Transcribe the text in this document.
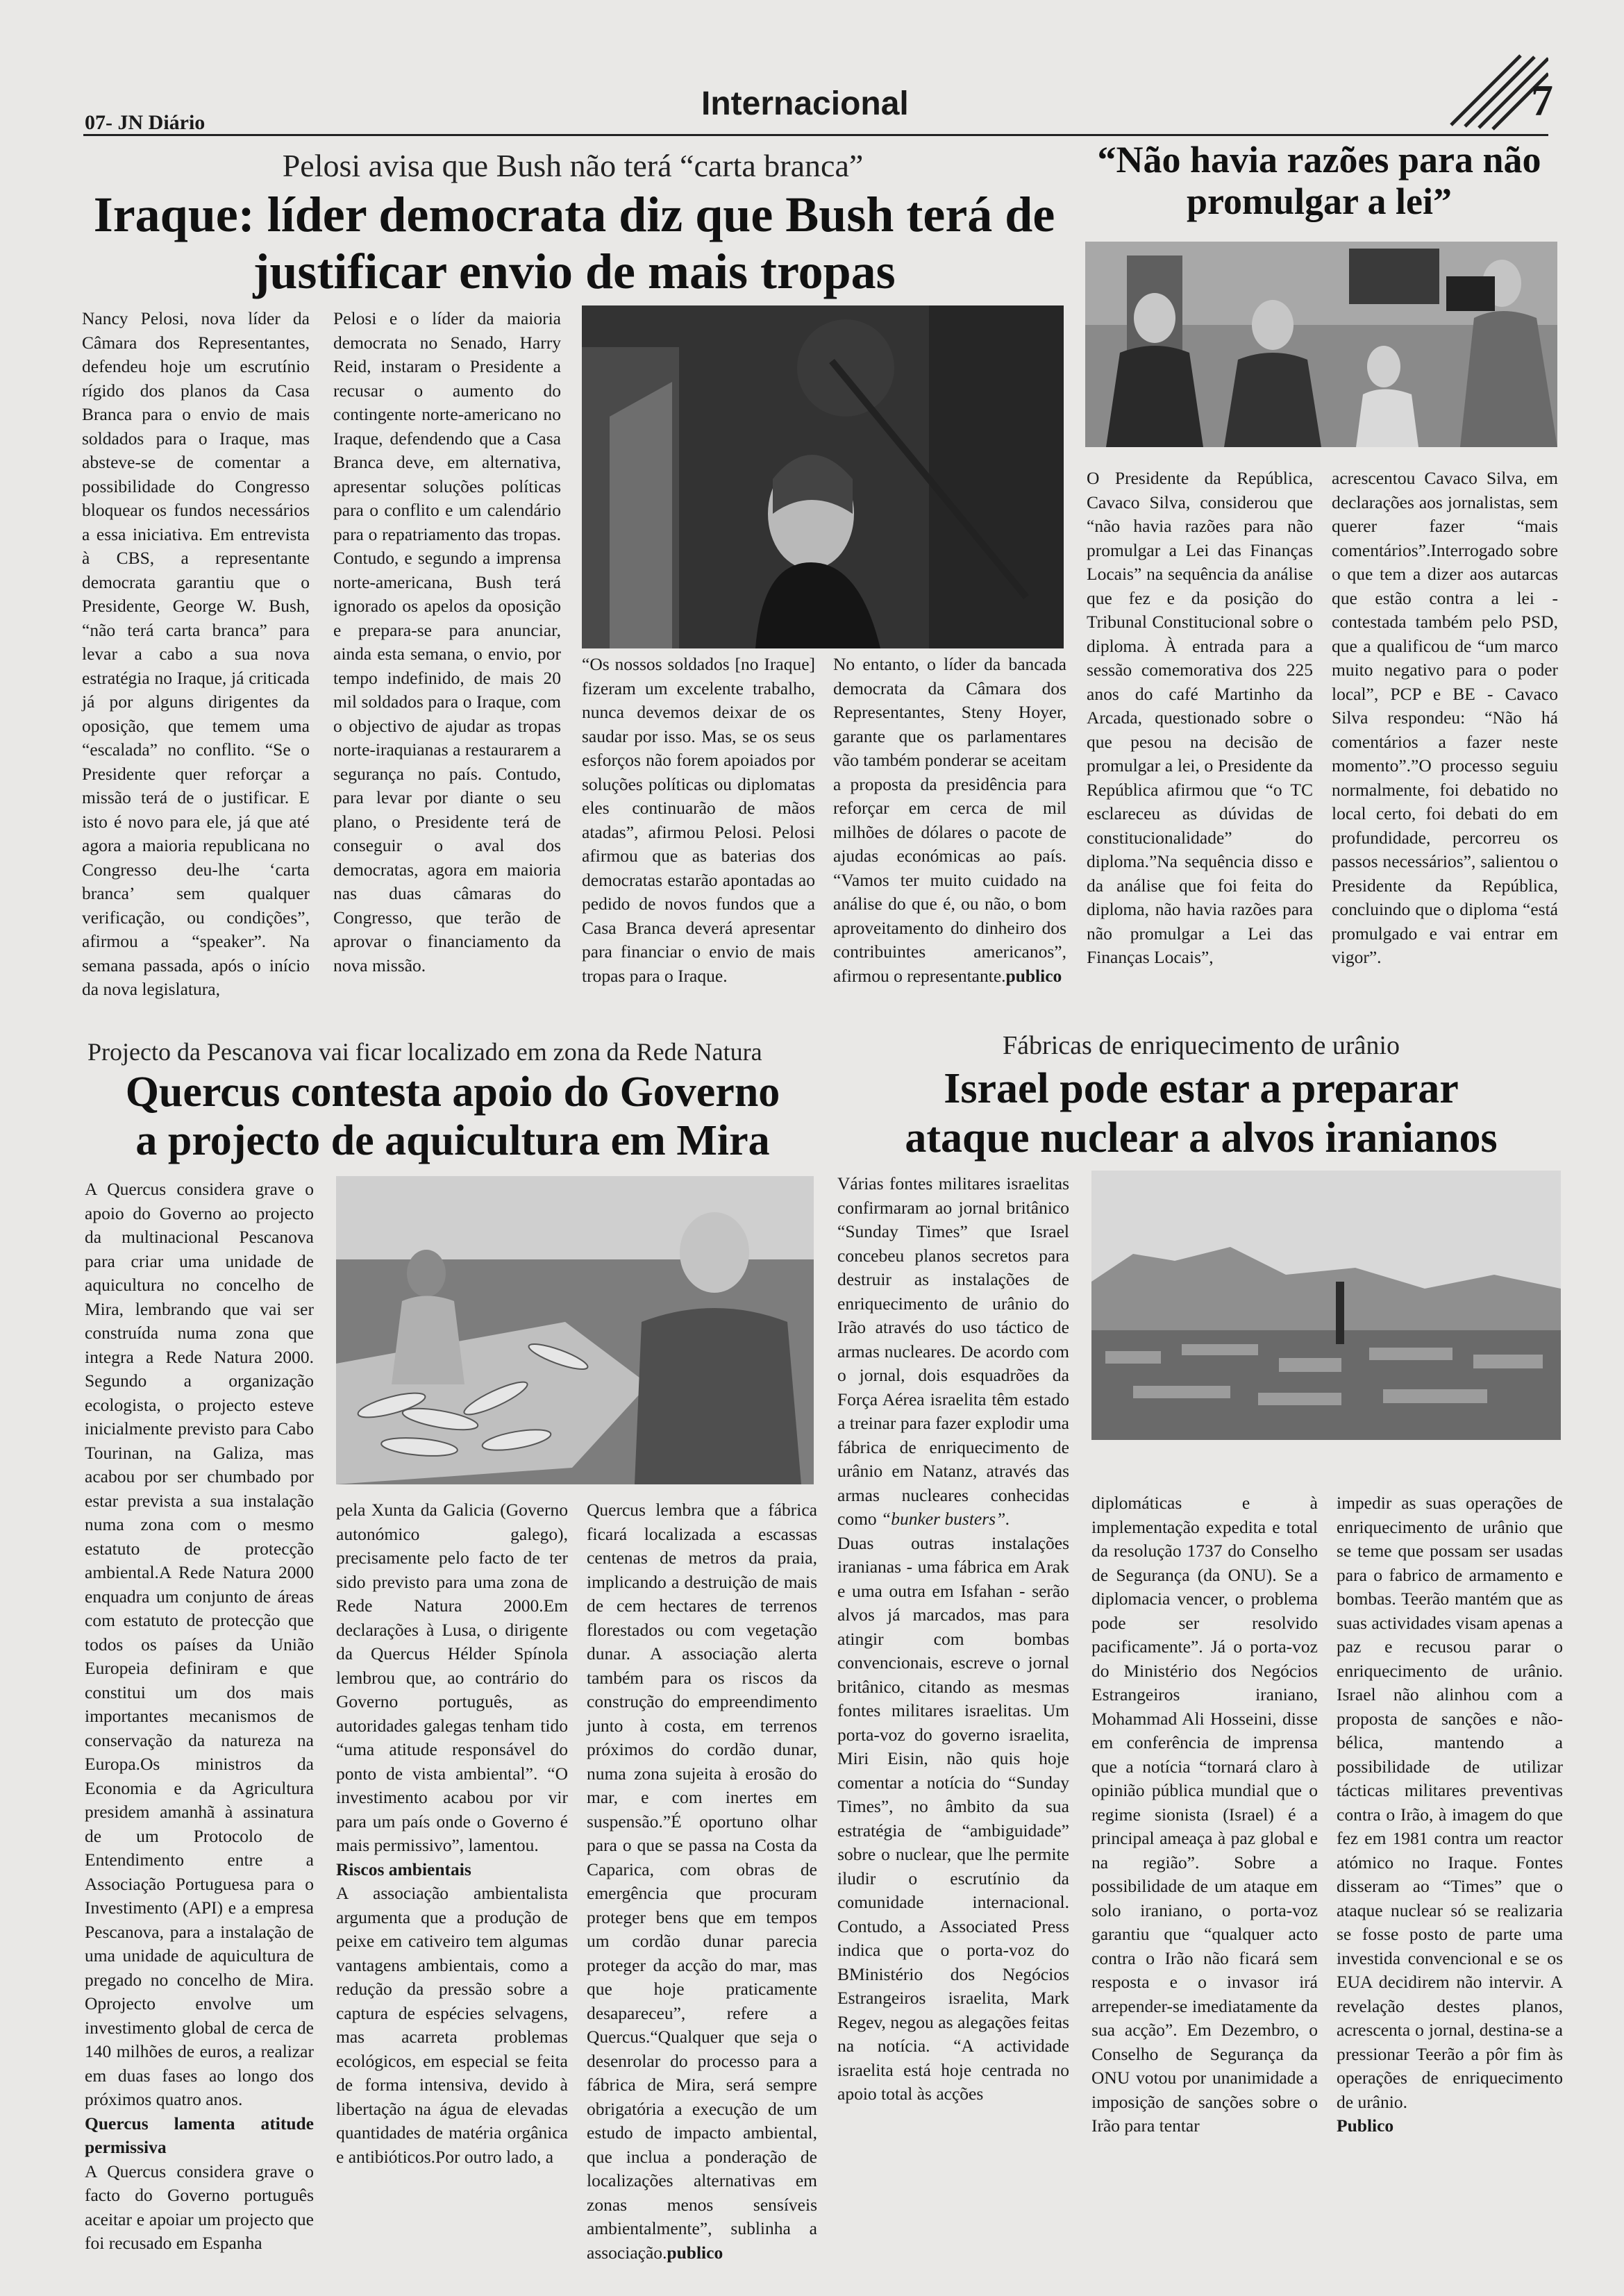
07- JN Diário
Internacional	7
Pelosi avisa que Bush não terá “carta branca”
Iraque: líder democrata diz que Bush terá de
justificar envio de mais tropas

Nancy Pelosi, nova líder da Câmara dos Representantes, defendeu hoje um escrutínio rígido dos planos da Casa Branca para o envio de mais soldados para o Iraque, mas absteve-se de comentar a possibilidade do Congresso bloquear os fundos necessários a essa iniciativa. Em entrevista à CBS, a representante democrata garantiu que o Presidente, George W. Bush, “não terá carta branca” para levar a cabo a sua nova estratégia no Iraque, já criticada já por alguns dirigentes da oposição, que temem uma “escalada” no conflito. “Se o Presidente quer reforçar a missão terá de o justificar. E isto é novo para ele, já que até agora a maioria republicana no Congresso deu-lhe ‘carta branca’ sem qualquer verificação, ou condições”, afirmou a “speaker”. Na semana passada, após o início da nova legislatura,

Pelosi e o líder da maioria democrata no Senado, Harry Reid, instaram o Presidente a recusar o aumento do contingente norte-americano no Iraque, defendendo que a Casa Branca deve, em alternativa, apresentar soluções políticas para o conflito e um calendário para o repatriamento das tropas. Contudo, e segundo a imprensa norte-americana, Bush terá ignorado os apelos da oposição e prepara-se para anunciar, ainda esta semana, o envio, por tempo indefinido, de mais 20 mil soldados para o Iraque, com o objectivo de ajudar as tropas norte-iraquianas a restaurarem a segurança no país. Contudo, para levar por diante o seu plano, o Presidente terá de conseguir o aval dos democratas, agora em maioria nas duas câmaras do Congresso, que terão de aprovar o financiamento da nova missão.

“Os nossos soldados [no Iraque] fizeram um excelente trabalho, nunca devemos deixar de os saudar por isso. Mas, se os seus esforços não forem apoiados por soluções políticas ou diplomatas eles continuarão de mãos atadas”, afirmou Pelosi. Pelosi afirmou que as baterias dos democratas estarão apontadas ao pedido de novos fundos que a Casa Branca deverá apresentar para financiar o envio de mais tropas para o Iraque.

No entanto, o líder da bancada democrata da Câmara dos Representantes, Steny Hoyer, garante que os parlamentares vão também ponderar se aceitam a proposta da presidência para reforçar em cerca de mil milhões de dólares o pacote de ajudas económicas ao país. “Vamos ter muito cuidado na análise do que é, ou não, o bom aproveitamento do dinheiro dos contribuintes americanos”, afirmou o representante.publico

“Não havia razões para não
promulgar a lei”

O Presidente da República, Cavaco Silva, considerou que “não havia razões para não promulgar a Lei das Finanças Locais” na sequência da análise que fez e da posição do Tribunal Constitucional sobre o diploma. À entrada para a sessão comemorativa dos 225 anos do café Martinho da Arcada, questionado sobre o que pesou na decisão de promulgar a lei, o Presidente da República afirmou que “o TC esclareceu as dúvidas de constitucionalidade” do diploma.”Na sequência disso e da análise que foi feita do diploma, não havia razões para não promulgar a Lei das Finanças Locais”,

acrescentou Cavaco Silva, em declarações aos jornalistas, sem querer fazer “mais comentários”.Interrogado sobre o que tem a dizer aos autarcas que estão contra a lei - contestada também pelo PSD, que a qualificou de “um marco muito negativo para o poder local”, PCP e BE - Cavaco Silva respondeu: “Não há comentários a fazer neste momento”.”O processo seguiu normalmente, foi debatido no local certo, foi debati do em profundidade, percorreu os passos necessários”, salientou o Presidente da República, concluindo que o diploma “está promulgado e vai entrar em vigor”.

Projecto da Pescanova vai ficar localizado em zona da Rede Natura
Quercus contesta apoio do Governo
a projecto de aquicultura em Mira

A Quercus considera grave o apoio do Governo ao projecto da multinacional Pescanova para criar uma unidade de aquicultura no concelho de Mira, lembrando que vai ser construída numa zona que integra a Rede Natura 2000. Segundo a organização ecologista, o projecto esteve inicialmente previsto para Cabo Tourinan, na Galiza, mas acabou por ser chumbado por estar prevista a sua instalação numa zona com o mesmo estatuto de protecção ambiental.A Rede Natura 2000 enquadra um conjunto de áreas com estatuto de protecção que todos os países da União Europeia definiram e que constitui um dos mais importantes mecanismos de conservação da natureza na Europa.Os ministros da Economia e da Agricultura presidem amanhã à assinatura de um Protocolo de Entendimento entre a Associação Portuguesa para o Investimento (API) e a empresa Pescanova, para a instalação de uma unidade de aquicultura de pregado no concelho de Mira. Oprojecto envolve um investimento global de cerca de 140 milhões de euros, a realizar em duas fases ao longo dos próximos quatro anos.

Quercus lamenta atitude permissiva

A Quercus considera grave o facto do Governo português aceitar e apoiar um projecto que foi recusado em Espanha

pela Xunta da Galicia (Governo autonómico galego), precisamente pelo facto de ter sido previsto para uma zona de Rede Natura 2000.Em declarações à Lusa, o dirigente da Quercus Hélder Spínola lembrou que, ao contrário do Governo português, as autoridades galegas tenham tido “uma atitude responsável do ponto de vista ambiental”. “O investimento acabou por vir para um país onde o Governo é mais permissivo”, lamentou.

Riscos ambientais

A associação ambientalista argumenta que a produção de peixe em cativeiro tem algumas vantagens ambientais, como a redução da pressão sobre a captura de espécies selvagens, mas acarreta problemas ecológicos, em especial se feita de forma intensiva, devido à libertação na água de elevadas quantidades de matéria orgânica e antibióticos.Por outro lado, a

Quercus lembra que a fábrica ficará localizada a escassas centenas de metros da praia, implicando a destruição de mais de cem hectares de terrenos florestados ou com vegetação dunar. A associação alerta também para os riscos da construção do empreendimento junto à costa, em terrenos próximos do cordão dunar, numa zona sujeita à erosão do mar, e com inertes em suspensão.”É oportuno olhar para o que se passa na Costa da Caparica, com obras de emergência que procuram proteger bens que em tempos um cordão dunar parecia proteger da acção do mar, mas que hoje praticamente desapareceu”, refere a Quercus.“Qualquer que seja o desenrolar do processo para a fábrica de Mira, será sempre obrigatória a execução de um estudo de impacto ambiental, que inclua a ponderação de localizações alternativas em zonas menos sensíveis ambientalmente”, sublinha a associação.publico

Fábricas de enriquecimento de urânio
Israel pode estar a preparar
ataque nuclear a alvos iranianos

Várias fontes militares israelitas confirmaram ao jornal britânico “Sunday Times” que Israel concebeu planos secretos para destruir as instalações de enriquecimento de urânio do Irão através do uso táctico de armas nucleares. De acordo com o jornal, dois esquadrões da Força Aérea israelita têm estado a treinar para fazer explodir uma fábrica de enriquecimento de urânio em Natanz, através das armas nucleares conhecidas como “bunker busters”.

Duas outras instalações iranianas - uma fábrica em Arak e uma outra em Isfahan - serão alvos já marcados, mas para atingir com bombas convencionais, escreve o jornal britânico, citando as mesmas fontes militares israelitas. Um porta-voz do governo israelita, Miri Eisin, não quis hoje comentar a notícia do “Sunday Times”, no âmbito da sua estratégia de “ambiguidade” sobre o nuclear, que lhe permite iludir o escrutínio da comunidade internacional. Contudo, a Associated Press indica que o porta-voz do BMinistério dos Negócios Estrangeiros israelita, Mark Regev, negou as alegações feitas na notícia. “A actividade israelita está hoje centrada no apoio total às acções

diplomáticas e à implementação expedita e total da resolução 1737 do Conselho de Segurança (da ONU). Se a diplomacia vencer, o problema pode ser resolvido pacificamente”. Já o porta-voz do Ministério dos Negócios Estrangeiros iraniano, Mohammad Ali Hosseini, disse em conferência de imprensa que a notícia “tornará claro à opinião pública mundial que o regime sionista (Israel) é a principal ameaça à paz global e na região”. Sobre a possibilidade de um ataque em solo iraniano, o porta-voz garantiu que “qualquer acto contra o Irão não ficará sem resposta e o invasor irá arrepender-se imediatamente da sua acção”. Em Dezembro, o Conselho de Segurança da ONU votou por unanimidade a imposição de sanções sobre o Irão para tentar

impedir as suas operações de enriquecimento de urânio que se teme que possam ser usadas para o fabrico de armamento e bombas. Teerão mantém que as suas actividades visam apenas a paz e recusou parar o enriquecimento de urânio. Israel não alinhou com a proposta de sanções e não-bélica, mantendo a possibilidade de utilizar tácticas militares preventivas contra o Irão, à imagem do que fez em 1981 contra um reactor atómico no Iraque. Fontes disseram ao “Times” que o ataque nuclear só se realizaria se fosse posto de parte uma investida convencional e se os EUA decidirem não intervir. A revelação destes planos, acrescenta o jornal, destina-se a pressionar Teerão a pôr fim às operações de enriquecimento de urânio.
Publico
